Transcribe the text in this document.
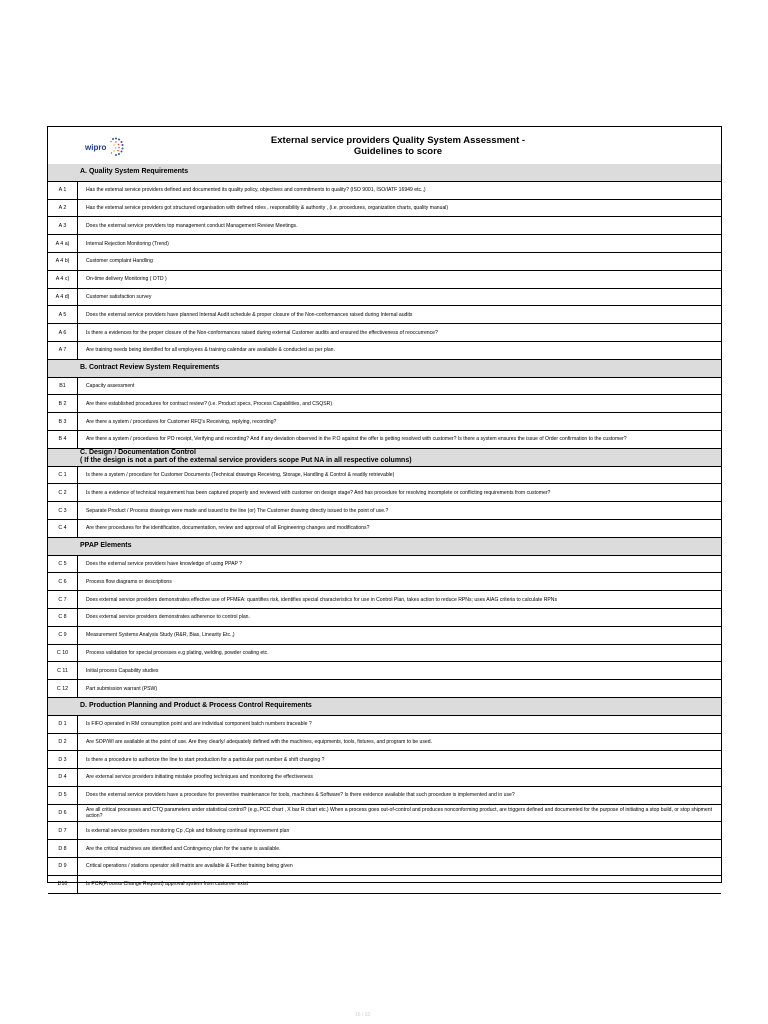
wipro
External service providers Quality System Assessment -
Guidelines to score
A. Quality System Requirements
A 1	Has the external service providers defined and documented its quality policy, objectives and commitments to quality? (ISO 9001, ISO/IATF 16949 etc.,)
A 2	Has the external service providers got structured organisation with defined roles , responsibility & authority , (i.e. procedures, organization charts, quality manual)
A 3	Does the external service providers top management conduct Management Review Meetings.
A 4 a)	Internal Rejection Monitoring (Trend)
A 4 b)	Customer complaint Handling
A 4 c)	On-time delivery Monitoring ( OTD )
A 4 d)	Customer satisfaction survey
A 5	Does the external service providers have planned Internal Audit schedule & proper closure of the Non-conformances raised during Internal audits
A 6	Is there a evidences for the proper closure of the Non-conformances raised during external Customer audits and ensured the effectiveness of reoccurrence?
A 7	Are training needs being identified for all employees & training calendar are available & conducted as per plan.
B. Contract Review System Requirements
B1	Capacity assessment
B 2	Are there established procedures for contract review? (i.e. Product specs, Process Capabilities, and CSQSR)
B 3	Are there a system / procedures for Customer RFQ's Receiving, replying, recording?
B 4	Are there a system / procedures for PO receipt, Verifying and recording? And if any deviation observed in the P.O against the offer is getting resolved with customer? Is there a system ensures the issue of Order confirmation to the customer?
C. Design / Documentation Control
( If the design is not a part of the external service providers scope Put NA in all respective columns)
C 1	Is there a system / procedure for Customer Documents (Technical drawings Receiving, Storage, Handling & Control & readily retrievable)
C 2	Is there a evidence of technical requirement has been captured properly and reviewed with customer on design stage? And has procedure for resolving incomplete or conflicting requirements from customer?
C 3	Separate Product / Process drawings were made and issued to the line (or) The Customer drawing directly issued to the point of use.?
C 4	Are there procedures for the identification, documentation, review and approval of all Engineering changes and modifications?
PPAP Elements
C 5	Does the external service providers have knowledge of using PPAP ?
C 6	Process flow diagrams or descriptions
C 7	Does external service providers demonstrates effective use of PFMEA: quantifies risk, identifies special characteristics for use in Control Plan, takes action to reduce RPNs; uses AIAG criteria to calculate RPNs
C 8	Does external service providers demonstrates adherence to control plan.
C 9	Measurement Systems Analysis Study (R&R, Bias, Linearity Etc.,)
C 10	Process validation for special processes e.g plating, welding, powder coating etc.
C 11	Initial process Capability studies
C 12	Part submission warrant (PSW)
D. Production Planning and Product & Process Control Requirements
D 1	Is FIFO operated in RM consumption point and are individual component batch numbers traceable ?
D 2	Are SOP/WI are available at the point of use. Are they clearly/ adequately defined with the machines, equipments, tools, fixtures, and program to be used.
D 3	Is there a procedure to authorize the line to start production for a particular part number & shift changing ?
D 4	Are external service providers initiating mistake proofing techniques and monitoring the effectiveness
D 5	Does the external service providers have a procedure for preventive maintenance for tools, machines & Software? Is there evidence available that such procedure is implemented and in use?
D 6	Are all critical processes and CTQ parameters under statistical control? (e.g.,PCC chart , X bar R chart etc.) When a process goes out-of-control and produces nonconforming product, are triggers defined and documented for the purpose of initiating a stop build, or stop shipment action?
D 7	Is external service providers monitoring Cp ,Cpk and following continual improvement plan
D 8	Are the critical machines are identified and Contingency plan for the same is available.
D 9	Critical operations / stations operator skill matrix are available & Further training being given
D10	Is PCR(Process Change Request) approval system from customer exist
16 / 32
